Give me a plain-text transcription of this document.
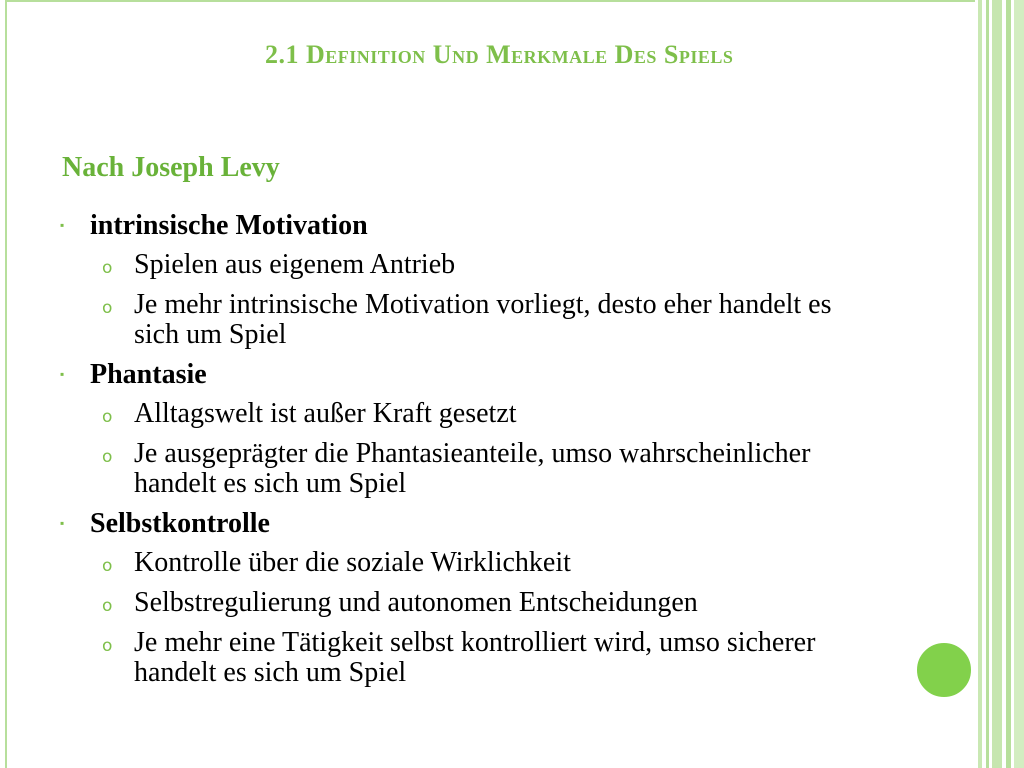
2.1 Definition Und Merkmale Des Spiels
Nach Joseph Levy
▪ intrinsische Motivation
o Spielen aus eigenem Antrieb
o Je mehr intrinsische Motivation vorliegt, desto eher handelt es sich um Spiel
▪ Phantasie
o Alltagswelt ist außer Kraft gesetzt
o Je ausgeprägter die Phantasieanteile, umso wahrscheinlicher handelt es sich um Spiel
▪ Selbstkontrolle
o Kontrolle über die soziale Wirklichkeit
o Selbstregulierung und autonomen Entscheidungen
o Je mehr eine Tätigkeit selbst kontrolliert wird, umso sicherer handelt es sich um Spiel
